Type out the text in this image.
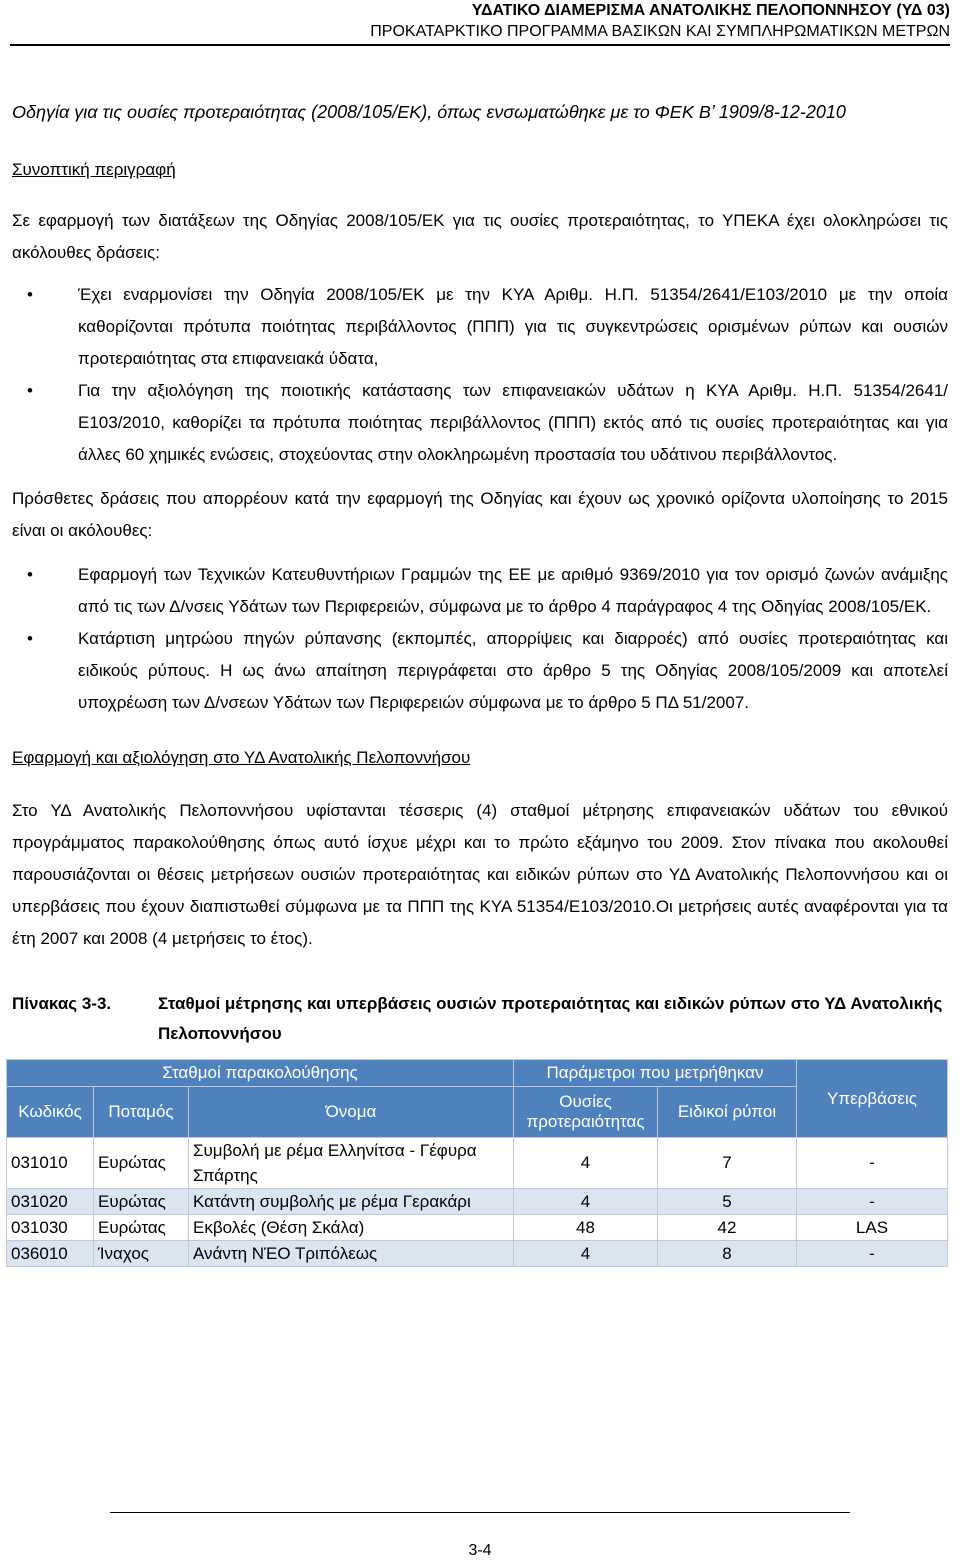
ΥΔΑΤΙΚΟ ΔΙΑΜΕΡΙΣΜΑ ΑΝΑΤΟΛΙΚΗΣ ΠΕΛΟΠΟΝΝΗΣΟΥ (ΥΔ 03)
ΠΡΟΚΑΤΑΡΚΤΙΚΟ ΠΡΟΓΡΑΜΜΑ ΒΑΣΙΚΩΝ ΚΑΙ ΣΥΜΠΛΗΡΩΜΑΤΙΚΩΝ ΜΕΤΡΩΝ

Οδηγία για τις ουσίες προτεραιότητας (2008/105/ΕΚ), όπως ενσωματώθηκε με το ΦΕΚ Β’ 1909/8-12-2010

Συνοπτική περιγραφή

Σε εφαρμογή των διατάξεων της Οδηγίας 2008/105/ΕΚ για τις ουσίες προτεραιότητας, το ΥΠΕΚΑ έχει ολοκληρώσει τις ακόλουθες δράσεις:

•	Έχει εναρμονίσει την Οδηγία 2008/105/ΕΚ με την ΚΥΑ Αριθμ. Η.Π. 51354/2641/Ε103/2010 με την οποία καθορίζονται πρότυπα ποιότητας περιβάλλοντος (ΠΠΠ) για τις συγκεντρώσεις ορισμένων ρύπων και ουσιών προτεραιότητας στα επιφανειακά ύδατα,
•	Για την αξιολόγηση της ποιοτικής κατάστασης των επιφανειακών υδάτων η ΚΥΑ Αριθμ. Η.Π. 51354/2641/Ε103/2010, καθορίζει τα πρότυπα ποιότητας περιβάλλοντος (ΠΠΠ) εκτός από τις ουσίες προτεραιότητας και για άλλες 60 χημικές ενώσεις, στοχεύοντας στην ολοκληρωμένη προστασία του υδάτινου περιβάλλοντος.

Πρόσθετες δράσεις που απορρέουν κατά την εφαρμογή της Οδηγίας και έχουν ως χρονικό ορίζοντα υλοποίησης το 2015 είναι οι ακόλουθες:

•	Εφαρμογή των Τεχνικών Κατευθυντήριων Γραμμών της ΕΕ με αριθμό 9369/2010 για τον ορισμό ζωνών ανάμιξης από τις των Δ/νσεις Υδάτων των Περιφερειών, σύμφωνα με το άρθρο 4 παράγραφος 4 της Οδηγίας 2008/105/ΕΚ.
•	Κατάρτιση μητρώου πηγών ρύπανσης (εκπομπές, απορρίψεις και διαρροές) από ουσίες προτεραιότητας και ειδικούς ρύπους. Η ως άνω απαίτηση περιγράφεται στο άρθρο 5 της Οδηγίας 2008/105/2009 και αποτελεί υποχρέωση των Δ/νσεων Υδάτων των Περιφερειών σύμφωνα με το άρθρο 5 ΠΔ 51/2007.

Εφαρμογή και αξιολόγηση στο ΥΔ Ανατολικής Πελοποννήσου

Στο ΥΔ Ανατολικής Πελοποννήσου υφίστανται τέσσερις (4) σταθμοί μέτρησης επιφανειακών υδάτων του εθνικού προγράμματος παρακολούθησης όπως αυτό ίσχυε μέχρι και το πρώτο εξάμηνο του 2009. Στον πίνακα που ακολουθεί παρουσιάζονται οι θέσεις μετρήσεων ουσιών προτεραιότητας και ειδικών ρύπων στο ΥΔ Ανατολικής Πελοποννήσου και οι υπερβάσεις που έχουν διαπιστωθεί σύμφωνα με τα ΠΠΠ της ΚΥΑ 51354/Ε103/2010.Οι μετρήσεις αυτές αναφέρονται για τα έτη 2007 και 2008 (4 μετρήσεις το έτος).

Πίνακας 3-3.	Σταθμοί μέτρησης και υπερβάσεις ουσιών προτεραιότητας και ειδικών ρύπων στο ΥΔ Ανατολικής Πελοποννήσου
Σταθμοί παρακολούθησης			Παράμετροι που μετρήθηκαν		Υπερβάσεις
Κωδικός	Ποταμός	Όνομα	Ουσίες προτεραιότητας	Ειδικοί ρύποι	
031010	Ευρώτας	Συμβολή με ρέμα Ελληνίτσα - Γέφυρα Σπάρτης	4	7	-
031020	Ευρώτας	Κατάντη συμβολής με ρέμα Γερακάρι	4	5	-
031030	Ευρώτας	Εκβολές (Θέση Σκάλα)	48	42	LAS
036010	Ίναχος	Ανάντη ΝΈΟ Τριπόλεως	4	8	-
3-4
